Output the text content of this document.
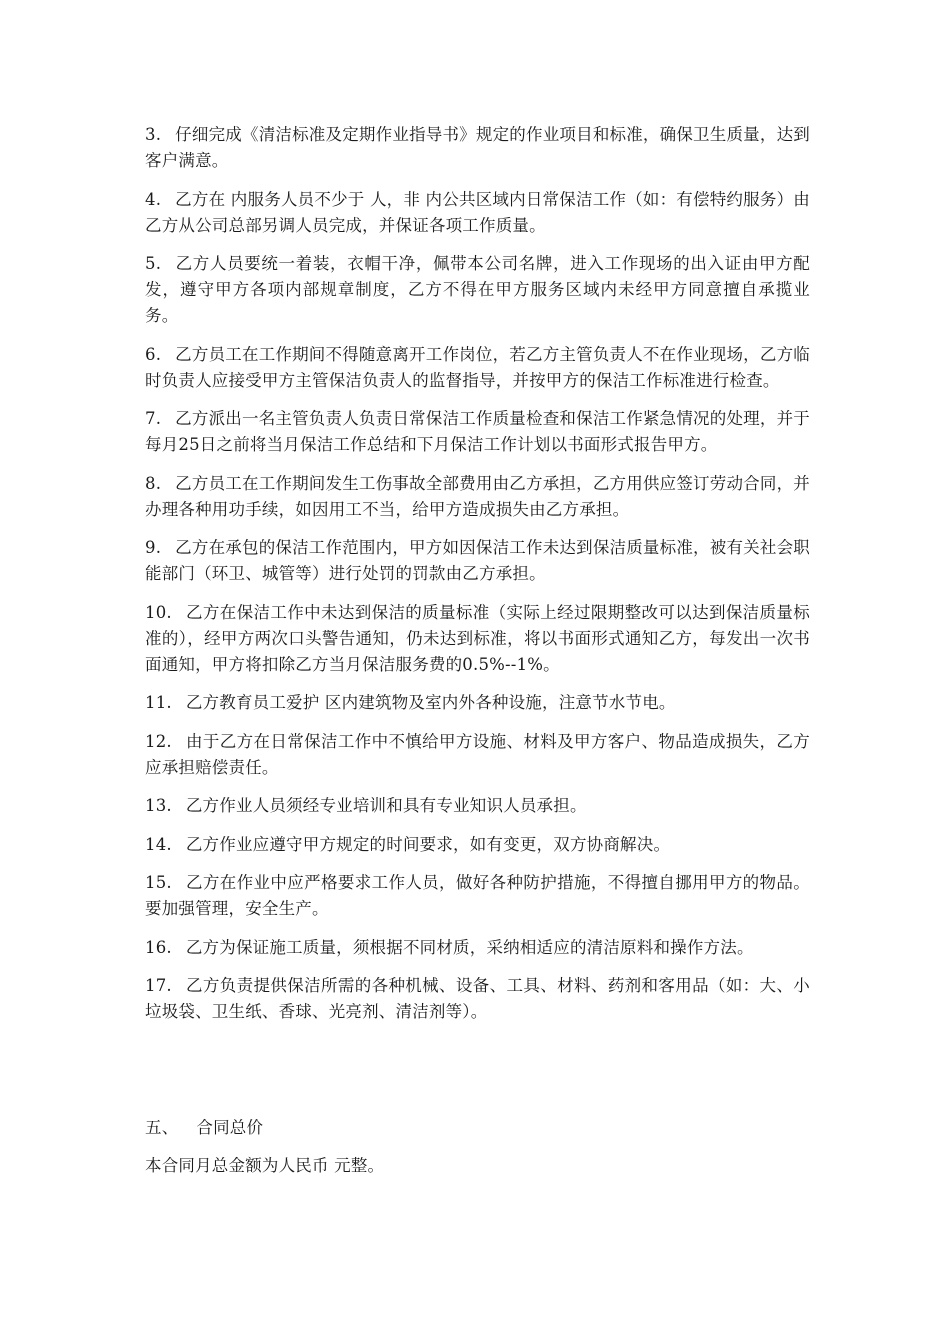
3. 仔细完成《清洁标准及定期作业指导书》规定的作业项目和标准，确保卫生质量，达到客户满意。

4. 乙方在 内服务人员不少于 人，非 内公共区域内日常保洁工作（如：有偿特约服务）由乙方从公司总部另调人员完成，并保证各项工作质量。

5. 乙方人员要统一着装，衣帽干净，佩带本公司名牌，进入工作现场的出入证由甲方配发，遵守甲方各项内部规章制度，乙方不得在甲方服务区域内未经甲方同意擅自承揽业务。

6. 乙方员工在工作期间不得随意离开工作岗位，若乙方主管负责人不在作业现场，乙方临时负责人应接受甲方主管保洁负责人的监督指导，并按甲方的保洁工作标准进行检查。

7. 乙方派出一名主管负责人负责日常保洁工作质量检查和保洁工作紧急情况的处理，并于每月25日之前将当月保洁工作总结和下月保洁工作计划以书面形式报告甲方。

8. 乙方员工在工作期间发生工伤事故全部费用由乙方承担，乙方用供应签订劳动合同，并办理各种用功手续，如因用工不当，给甲方造成损失由乙方承担。

9. 乙方在承包的保洁工作范围内，甲方如因保洁工作未达到保洁质量标准，被有关社会职能部门（环卫、城管等）进行处罚的罚款由乙方承担。

10. 乙方在保洁工作中未达到保洁的质量标准（实际上经过限期整改可以达到保洁质量标准的），经甲方两次口头警告通知，仍未达到标准，将以书面形式通知乙方，每发出一次书面通知，甲方将扣除乙方当月保洁服务费的0.5%--1%。

11. 乙方教育员工爱护 区内建筑物及室内外各种设施，注意节水节电。

12. 由于乙方在日常保洁工作中不慎给甲方设施、材料及甲方客户、物品造成损失，乙方应承担赔偿责任。

13. 乙方作业人员须经专业培训和具有专业知识人员承担。

14. 乙方作业应遵守甲方规定的时间要求，如有变更，双方协商解决。

15. 乙方在作业中应严格要求工作人员，做好各种防护措施，不得擅自挪用甲方的物品。要加强管理，安全生产。

16. 乙方为保证施工质量，须根据不同材质，采纳相适应的清洁原料和操作方法。

17. 乙方负责提供保洁所需的各种机械、设备、工具、材料、药剂和客用品（如：大、小垃圾袋、卫生纸、香球、光亮剂、清洁剂等）。

五、 合同总价

本合同月总金额为人民币 元整。
